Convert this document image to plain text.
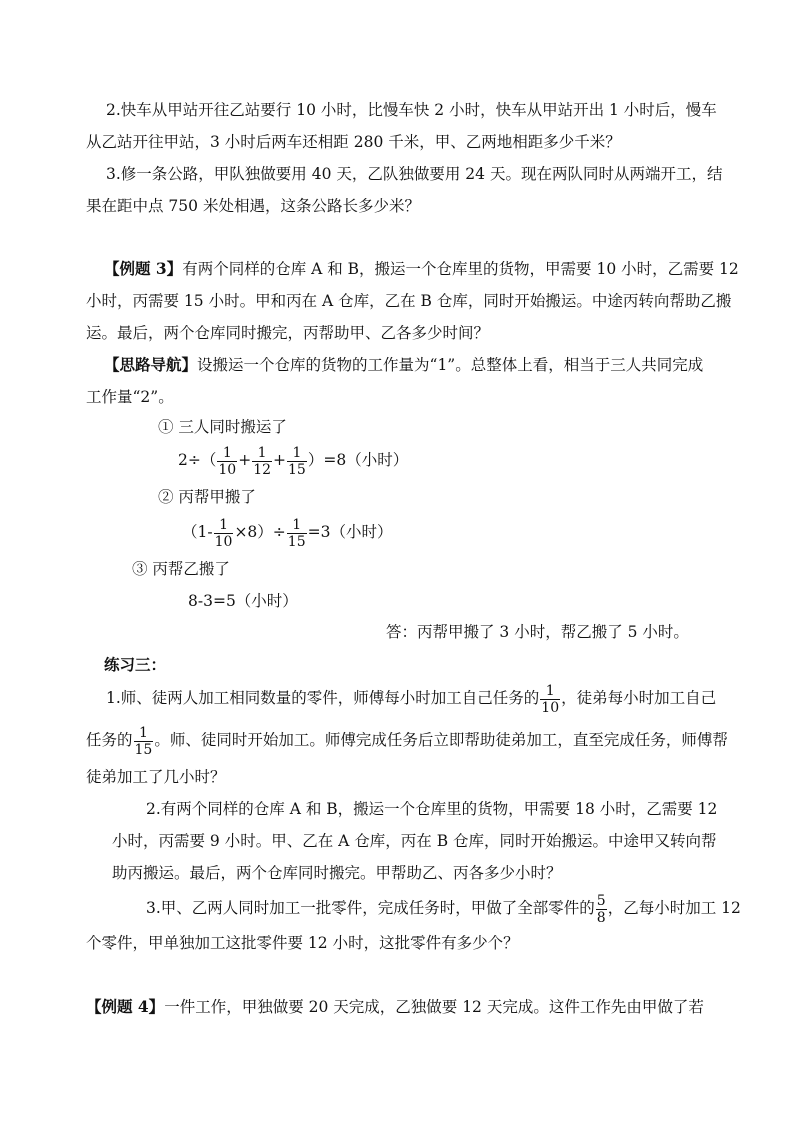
2.快车从甲站开往乙站要行 10 小时，比慢车快 2 小时，快车从甲站开出 1 小时后，慢车
从乙站开往甲站，3 小时后两车还相距 280 千米，甲、乙两地相距多少千米？
3.修一条公路，甲队独做要用 40 天，乙队独做要用 24 天。现在两队同时从两端开工，结
果在距中点 750 米处相遇，这条公路长多少米？
【例题 3】有两个同样的仓库 A 和 B，搬运一个仓库里的货物，甲需要 10 小时，乙需要 12
小时，丙需要 15 小时。甲和丙在 A 仓库，乙在 B 仓库，同时开始搬运。中途丙转向帮助乙搬
运。最后，两个仓库同时搬完，丙帮助甲、乙各多少时间？
【思路导航】设搬运一个仓库的货物的工作量为“1”。总整体上看，相当于三人共同完成
工作量“2”。
① 三人同时搬运了
$2\div( \frac{1}{10} + \frac{1}{12} + \frac{1}{15} )=8$（小时）
② 丙帮甲搬了
$(1- \frac{1}{10} \times 8)\div \frac{1}{15} =3$（小时）
③ 丙帮乙搬了
8-3=5（小时）
答：丙帮甲搬了 3 小时，帮乙搬了 5 小时。
练习三：
1.师、徒两人加工相同数量的零件，师傅每小时加工自己任务的 $\frac{1}{10}$ ，徒弟每小时加工自己
任务的 $\frac{1}{15}$ 。师、徒同时开始加工。师傅完成任务后立即帮助徒弟加工，直至完成任务，师傅帮
徒弟加工了几小时？
2.有两个同样的仓库 A 和 B，搬运一个仓库里的货物，甲需要 18 小时，乙需要 12
小时，丙需要 9 小时。甲、乙在 A 仓库，丙在 B 仓库，同时开始搬运。中途甲又转向帮
助丙搬运。最后，两个仓库同时搬完。甲帮助乙、丙各多少小时？
3.甲、乙两人同时加工一批零件，完成任务时，甲做了全部零件的 $\frac{5}{8}$ ，乙每小时加工 12
个零件，甲单独加工这批零件要 12 小时，这批零件有多少个？
【例题 4】一件工作，甲独做要 20 天完成，乙独做要 12 天完成。这件工作先由甲做了若
